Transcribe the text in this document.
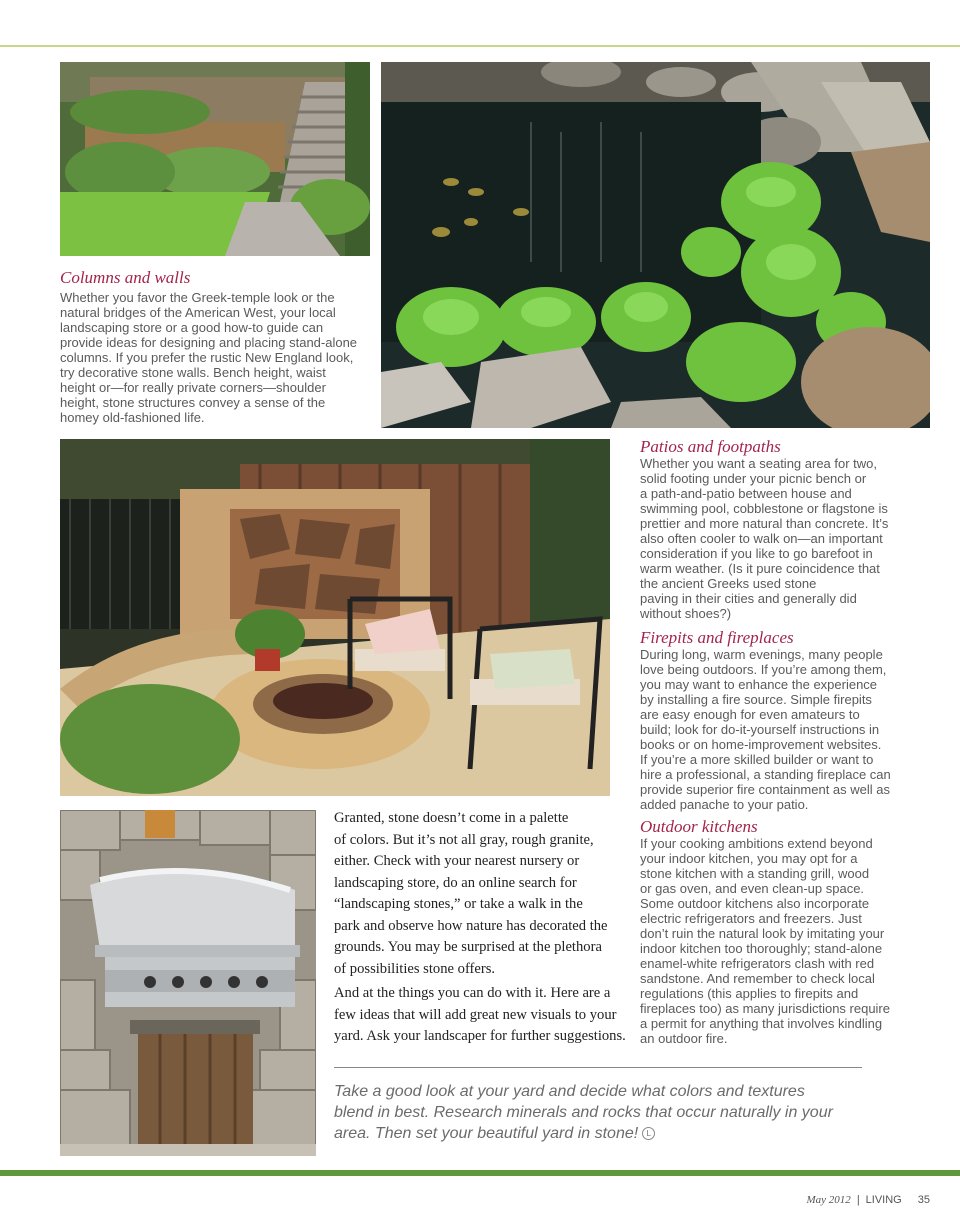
Columns and walls
Whether you favor the Greek-temple look or the
natural bridges of the American West, your local
landscaping store or a good how-to guide can
provide ideas for designing and placing stand-alone
columns. If you prefer the rustic New England look,
try decorative stone walls. Bench height, waist
height or—for really private corners—shoulder
height, stone structures convey a sense of the
homey old-fashioned life.
Patios and footpaths
Whether you want a seating area for two,
solid footing under your picnic bench or
a path-and-patio between house and
swimming pool, cobblestone or flagstone is
prettier and more natural than concrete. It’s
also often cooler to walk on—an important
consideration if you like to go barefoot in
warm weather. (Is it pure coincidence that
the ancient Greeks used stone
paving in their cities and generally did
without shoes?)
Firepits and fireplaces
During long, warm evenings, many people
love being outdoors. If you’re among them,
you may want to enhance the experience
by installing a fire source. Simple firepits
are easy enough for even amateurs to
build; look for do-it-yourself instructions in
books or on home-improvement websites.
If you’re a more skilled builder or want to
hire a professional, a standing fireplace can
provide superior fire containment as well as
added panache to your patio.
Outdoor kitchens
If your cooking ambitions extend beyond
your indoor kitchen, you may opt for a
stone kitchen with a standing grill, wood
or gas oven, and even clean-up space.
Some outdoor kitchens also incorporate
electric refrigerators and freezers. Just
don’t ruin the natural look by imitating your
indoor kitchen too thoroughly; stand-alone
enamel-white refrigerators clash with red
sandstone. And remember to check local
regulations (this applies to firepits and
fireplaces too) as many jurisdictions require
a permit for anything that involves kindling
an outdoor fire.
Granted, stone doesn’t come in a palette
of colors. But it’s not all gray, rough granite,
either. Check with your nearest nursery or
landscaping store, do an online search for
“landscaping stones,” or take a walk in the
park and observe how nature has decorated the
grounds. You may be surprised at the plethora
of possibilities stone offers.
And at the things you can do with it. Here are a
few ideas that will add great new visuals to your
yard. Ask your landscaper for further suggestions.
Take a good look at your yard and decide what colors and textures
blend in best. Research minerals and rocks that occur naturally in your
area. Then set your beautiful yard in stone! L
May 2012 | LIVING 35
